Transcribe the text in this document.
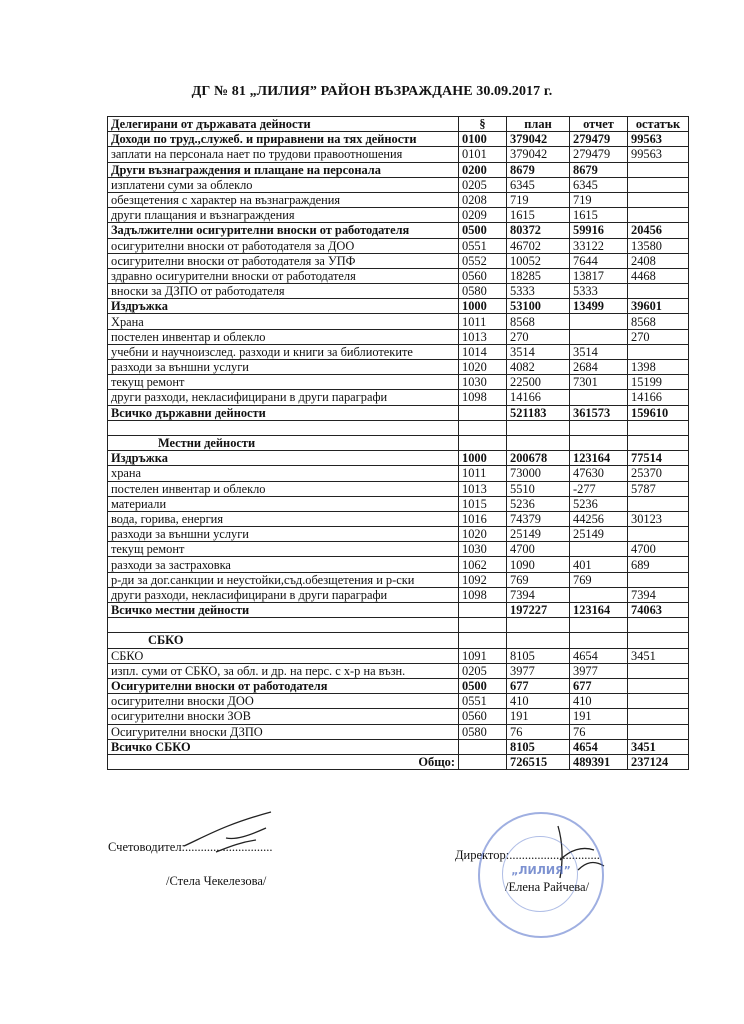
ДГ № 81 „ЛИЛИЯ” РАЙОН ВЪЗРАЖДАНЕ 30.09.2017 г.
Делегирани от държавата дейности	§	план	отчет	остатък
Доходи по труд.,служеб. и приравнени на тях дейности	0100	379042	279479	99563
заплати на персонала нает по трудови правоотношения	0101	379042	279479	99563
Други възнаграждения и плащане на персонала	0200	8679	8679	
изплатени суми за облекло	0205	6345	6345	
обезщетения с характер на възнаграждения	0208	719	719	
други плащания и възнаграждения	0209	1615	1615	
Задължителни осигурителни вноски от работодателя	0500	80372	59916	20456
осигурителни вноски от работодателя за ДОО	0551	46702	33122	13580
осигурителни вноски от работодателя за УПФ	0552	10052	7644	2408
здравно осигурителни вноски от работодателя	0560	18285	13817	4468
вноски за ДЗПО от работодателя	0580	5333	5333	
Издръжка	1000	53100	13499	39601
Храна	1011	8568		8568
постелен инвентар и облекло	1013	270		270
учебни и научноизслед. разходи и книги за библиотеките	1014	3514	3514	
разходи за външни услуги	1020	4082	2684	1398
текущ ремонт	1030	22500	7301	15199
други разходи, некласифицирани в други параграфи	1098	14166		14166
Всичко държавни дейности		521183	361573	159610

Местни дейности				
Издръжка	1000	200678	123164	77514
храна	1011	73000	47630	25370
постелен инвентар и облекло	1013	5510	-277	5787
материали	1015	5236	5236	
вода, горива, енергия	1016	74379	44256	30123
разходи за външни услуги	1020	25149	25149	
текущ ремонт	1030	4700		4700
разходи за застраховка	1062	1090	401	689
р-ди за дог.санкции и неустойки,съд.обезщетения и р-ски	1092	769	769	
други разходи, некласифицирани в други параграфи	1098	7394		7394
Всичко местни дейности		197227	123164	74063

СБКО				
СБКО	1091	8105	4654	3451
изпл. суми от СБКО, за обл. и др. на перс. с х-р на възн.	0205	3977	3977	
Осигурителни вноски от работодателя	0500	677	677	
осигурителни вноски ДОО	0551	410	410	
осигурителни вноски ЗОВ	0560	191	191	
Осигурителни вноски ДЗПО	0580	76	76	
Всичко СБКО		8105	4654	3451
Общо:		726515	489391	237124
Счетоводител:............................
/Стела Чекелезова/
Директор:.............................
/Елена Райчева/
„ЛИЛИЯ”
